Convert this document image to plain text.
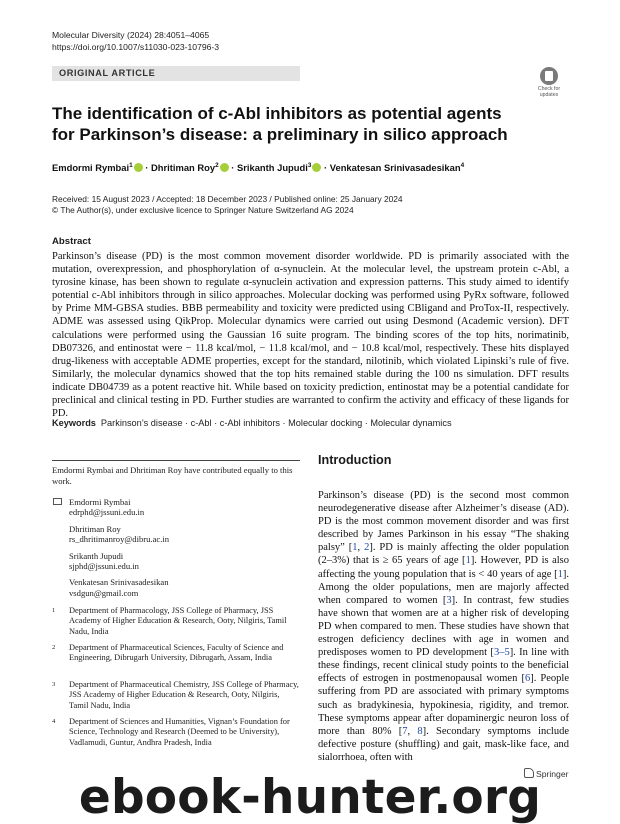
Molecular Diversity (2024) 28:4051–4065
https://doi.org/10.1007/s11030-023-10796-3
ORIGINAL ARTICLE
Check for
updates
The identification of c-Abl inhibitors as potential agents for Parkinson’s disease: a preliminary in silico approach
Emdormi Rymbai$^1$ · Dhritiman Roy$^2$ · Srikanth Jupudi$^3$ · Venkatesan Srinivasadesikan$^4$
Received: 15 August 2023 / Accepted: 18 December 2023 / Published online: 25 January 2024
© The Author(s), under exclusive licence to Springer Nature Switzerland AG 2024
Abstract

Parkinson’s disease (PD) is the most common movement disorder worldwide. PD is primarily associated with the mutation, overexpression, and phosphorylation of α-synuclein. At the molecular level, the upstream protein c-Abl, a tyrosine kinase, has been shown to regulate α-synuclein activation and expression patterns. This study aimed to identify potential c-Abl inhibitors through in silico approaches. Molecular docking was performed using PyRx software, followed by Prime MM-GBSA studies. BBB permeability and toxicity were predicted using CBligand and ProTox-II, respectively. ADME was assessed using QikProp. Molecular dynamics were carried out using Desmond (Academic version). DFT calculations were performed using the Gaussian 16 suite program. The binding scores of the top hits, norimatinib, DB07326, and entinostat were − 11.8 kcal/mol, − 11.8 kcal/mol, and − 10.8 kcal/mol, respectively. These hits displayed drug-likeness with acceptable ADME properties, except for the standard, nilotinib, which violated Lipinski’s rule of five. Similarly, the molecular dynamics showed that the top hits remained stable during the 100 ns simulation. DFT results indicate DB04739 as a potent reactive hit. While based on toxicity prediction, entinostat may be a potential candidate for preclinical and clinical testing in PD. Further studies are warranted to confirm the activity and efficacy of these ligands for PD.

Keywords Parkinson’s disease · c-Abl · c-Abl inhibitors · Molecular docking · Molecular dynamics
Emdormi Rymbai and Dhritiman Roy have contributed equally to this work.
Emdormi Rymbai
edrphd@jssuni.edu.in
Dhritiman Roy
rs_dhritimanroy@dibru.ac.in
Srikanth Jupudi
sjphd@jssuni.edu.in
Venkatesan Srinivasadesikan
vsdgun@gmail.com
1 Department of Pharmacology, JSS College of Pharmacy, JSS Academy of Higher Education & Research, Ooty, Nilgiris, Tamil Nadu, India
2 Department of Pharmaceutical Sciences, Faculty of Science and Engineering, Dibrugarh University, Dibrugarh, Assam, India
3 Department of Pharmaceutical Chemistry, JSS College of Pharmacy, JSS Academy of Higher Education & Research, Ooty, Nilgiris, Tamil Nadu, India
4 Department of Sciences and Humanities, Vignan’s Foundation for Science, Technology and Research (Deemed to be University), Vadlamudi, Guntur, Andhra Pradesh, India
Introduction

Parkinson’s disease (PD) is the second most common neurodegenerative disease after Alzheimer’s disease (AD). PD is the most common movement disorder and was first described by James Parkinson in his essay “The shaking palsy” [1, 2]. PD is mainly affecting the older population (2–3%) that is ≥ 65 years of age [1]. However, PD is also affecting the young population that is < 40 years of age [1]. Among the older populations, men are majorly affected when compared to women [3]. In contrast, few studies have shown that women are at a higher risk of developing PD when compared to men. These studies have shown that estrogen deficiency declines with age in women and predisposes women to PD development [3–5]. In line with these findings, recent clinical study points to the beneficial effects of estrogen in postmenopausal women [6]. People suffering from PD are associated with primary symptoms such as bradykinesia, hypokinesia, rigidity, and tremor. These symptoms appear after dopaminergic neuron loss of more than 80% [7, 8]. Secondary symptoms include defective posture (shuffling) and gait, mask-like face, and sialorrhoea, often with

Springer
ebook-hunter.org
